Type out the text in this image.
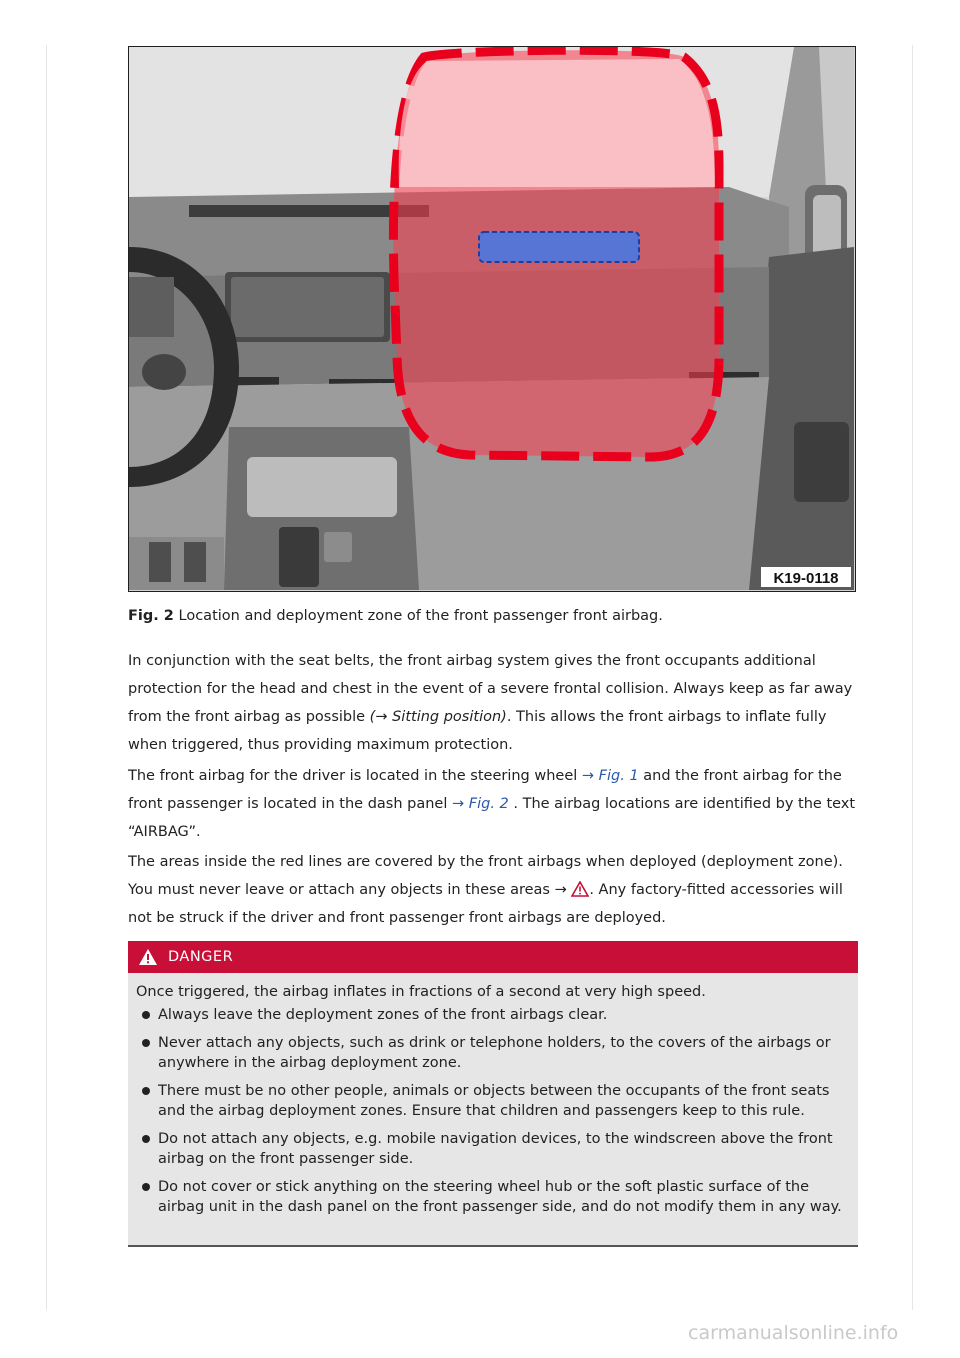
K19-0118
Fig. 2 Location and deployment zone of the front passenger front airbag.

In conjunction with the seat belts, the front airbag system gives the front occupants additional protection for the head and chest in the event of a severe frontal collision. Always keep as far away from the front airbag as possible (→ Sitting position). This allows the front airbags to inflate fully when triggered, thus providing maximum protection.

The front airbag for the driver is located in the steering wheel → Fig. 1 and the front airbag for the front passenger is located in the dash panel → Fig. 2 . The airbag locations are identified by the text “AIRBAG”.

The areas inside the red lines are covered by the front airbags when deployed (deployment zone). You must never leave or attach any objects in these areas → . Any factory-fitted accessories will not be struck if the driver and front passenger front airbags are deployed.

DANGER
Once triggered, the airbag inflates in fractions of a second at very high speed.
Always leave the deployment zones of the front airbags clear.
Never attach any objects, such as drink or telephone holders, to the covers of the airbags or anywhere in the airbag deployment zone.
There must be no other people, animals or objects between the occupants of the front seats and the airbag deployment zones. Ensure that children and passengers keep to this rule.
Do not attach any objects, e.g. mobile navigation devices, to the windscreen above the front airbag on the front passenger side.
Do not cover or stick anything on the steering wheel hub or the soft plastic surface of the airbag unit in the dash panel on the front passenger side, and do not modify them in any way.
carmanualsonline.info
